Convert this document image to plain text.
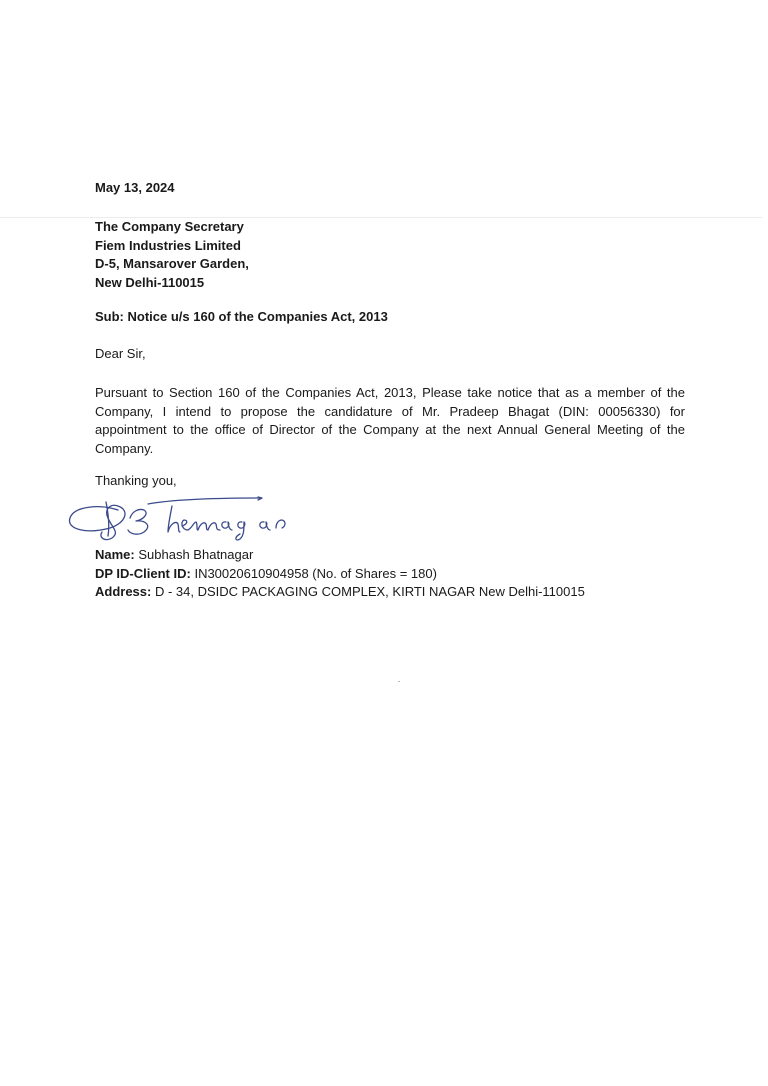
May 13, 2024
The Company Secretary
Fiem Industries Limited
D-5, Mansarover Garden,
New Delhi-110015
Sub: Notice u/s 160 of the Companies Act, 2013
Dear Sir,
Pursuant to Section 160 of the Companies Act, 2013, Please take notice that as a member of the Company, I intend to propose the candidature of Mr. Pradeep Bhagat (DIN: 00056330) for appointment to the office of Director of the Company at the next Annual General Meeting of the Company.
Thanking you,
Name: Subhash Bhatnagar
DP ID-Client ID: IN30020610904958 (No. of Shares = 180)
Address: D - 34, DSIDC PACKAGING COMPLEX, KIRTI NAGAR New Delhi-110015
